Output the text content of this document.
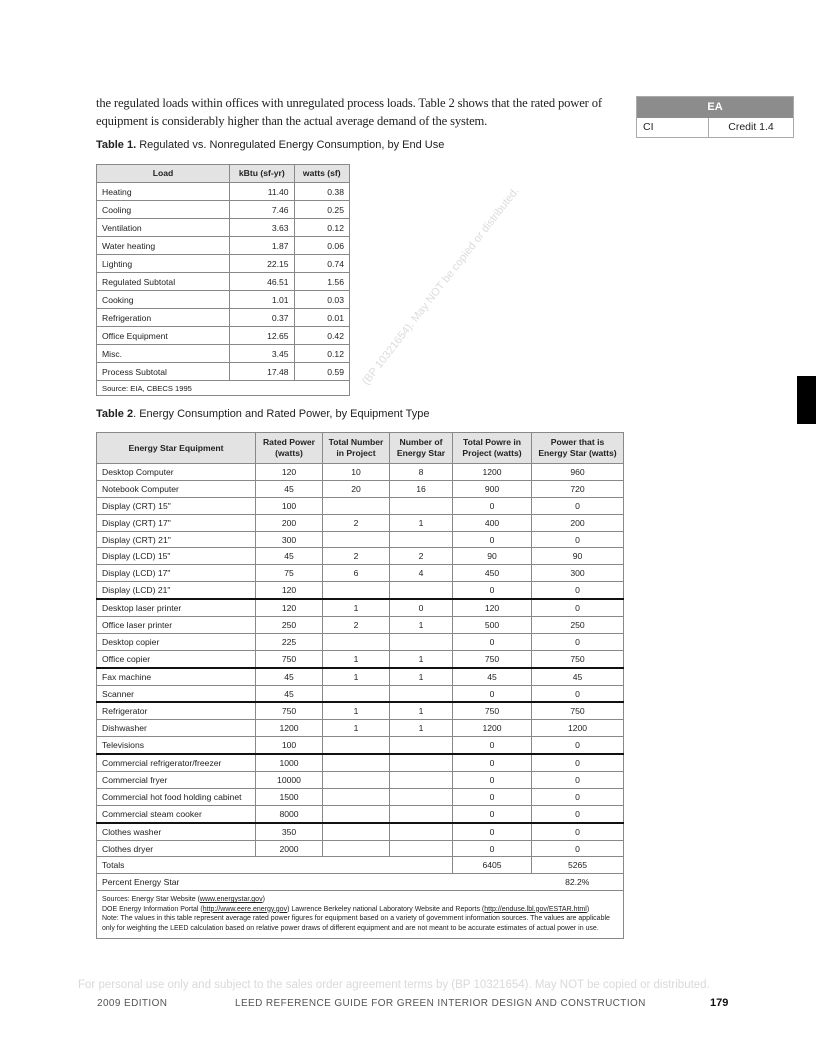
the regulated loads within offices with unregulated process loads. Table 2 shows that the rated power of equipment is considerably higher than the actual average demand of the system.
EA
CI	Credit 1.4
Table 1. Regulated vs. Nonregulated Energy Consumption, by End Use
Load	kBtu (sf-yr)	watts (sf)
Heating	11.40	0.38
Cooling	7.46	0.25
Ventilation	3.63	0.12
Water heating	1.87	0.06
Lighting	22.15	0.74
Regulated Subtotal	46.51	1.56
Cooking	1.01	0.03
Refrigeration	0.37	0.01
Office Equipment	12.65	0.42
Misc.	3.45	0.12
Process Subtotal	17.48	0.59
Source: EIA, CBECS 1995		
Table 2. Energy Consumption and Rated Power, by Equipment Type
Energy Star Equipment	Rated Power (watts)	Total Number in Project	Number of Energy Star	Total Powre in Project (watts)	Power that is Energy Star (watts)
Desktop Computer	120	10	8	1200	960
Notebook Computer	45	20	16	900	720
Display (CRT) 15"	100			0	0
Display (CRT) 17"	200	2	1	400	200
Display (CRT) 21"	300			0	0
Display (LCD) 15"	45	2	2	90	90
Display (LCD) 17"	75	6	4	450	300
Display (LCD) 21"	120			0	0
Desktop laser printer	120	1	0	120	0
Office laser printer	250	2	1	500	250
Desktop copier	225			0	0
Office copier	750	1	1	750	750
Fax machine	45	1	1	45	45
Scanner	45			0	0
Refrigerator	750	1	1	750	750
Dishwasher	1200	1	1	1200	1200
Televisions	100			0	0
Commercial refrigerator/freezer	1000			0	0
Commercial fryer	10000			0	0
Commercial hot food holding cabinet	1500			0	0
Commercial steam cooker	8000			0	0
Clothes washer	350			0	0
Clothes dryer	2000			0	0
Totals				6405	5265
Percent Energy Star					82.2%

Sources: Energy Star Website (www.energystar.gov)
DOE Energy Information Portal (http://www.eere.energy.gov) Lawrence Berkeley national Laboratory Website and Reports (http://enduse.lbl.gov/ESTAR.html)
Note: The values in this table represent average rated power figures for equipment based on a variety of government information sources. The values are applicable only for weighting the LEED calculation based on relative power draws of different equipment and are not meant to be accurate estimates of actual power in use.					
(BP 10321654). May NOT be copied or distributed.
For personal use only and subject to the sales order agreement terms by (BP 10321654). May NOT be copied or distributed.
2009 EDITION	LEED REFERENCE GUIDE FOR GREEN INTERIOR DESIGN AND CONSTRUCTION	179
